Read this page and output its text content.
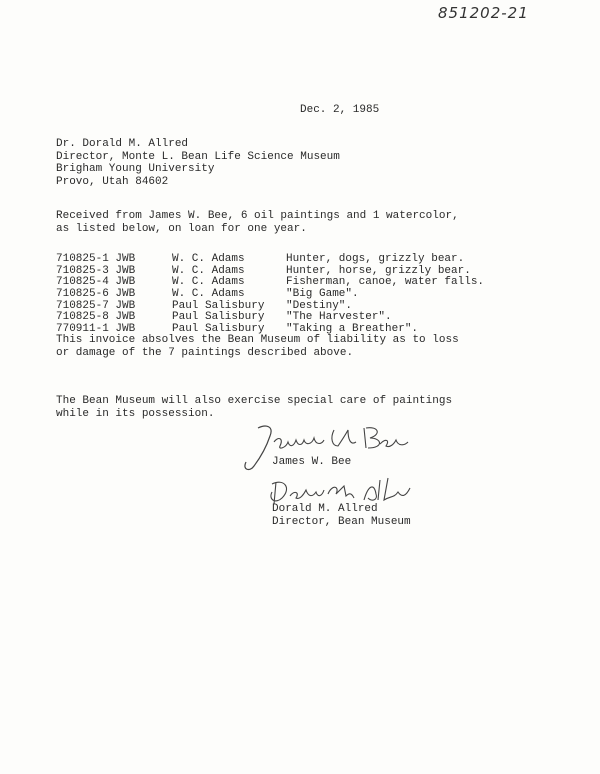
851202-21
Dec. 2, 1985
Dr. Dorald M. Allred
Director, Monte L. Bean Life Science Museum
Brigham Young University
Provo, Utah 84602
Received from James W. Bee, 6 oil paintings and 1 watercolor, as listed below, on loan for one year.
710825-1 JWB	W. C. Adams	Hunter, dogs, grizzly bear.
710825-3 JWB	W. C. Adams	Hunter, horse, grizzly bear.
710825-4 JWB	W. C. Adams	Fisherman, canoe, water falls.
710825-6 JWB	W. C. Adams	"Big Game".
710825-7 JWB	Paul Salisbury "Destiny".
710825-8 JWB	Paul Salisbury "The Harvester".
770911-1 JWB	Paul Salisbury "Taking a Breather".
This invoice absolves the Bean Museum of liability as to loss or damage of the 7 paintings described above.
The Bean Museum will also exercise special care of paintings while in its possession.
James W. Bee
Dorald M. Allred
Director, Bean Museum
